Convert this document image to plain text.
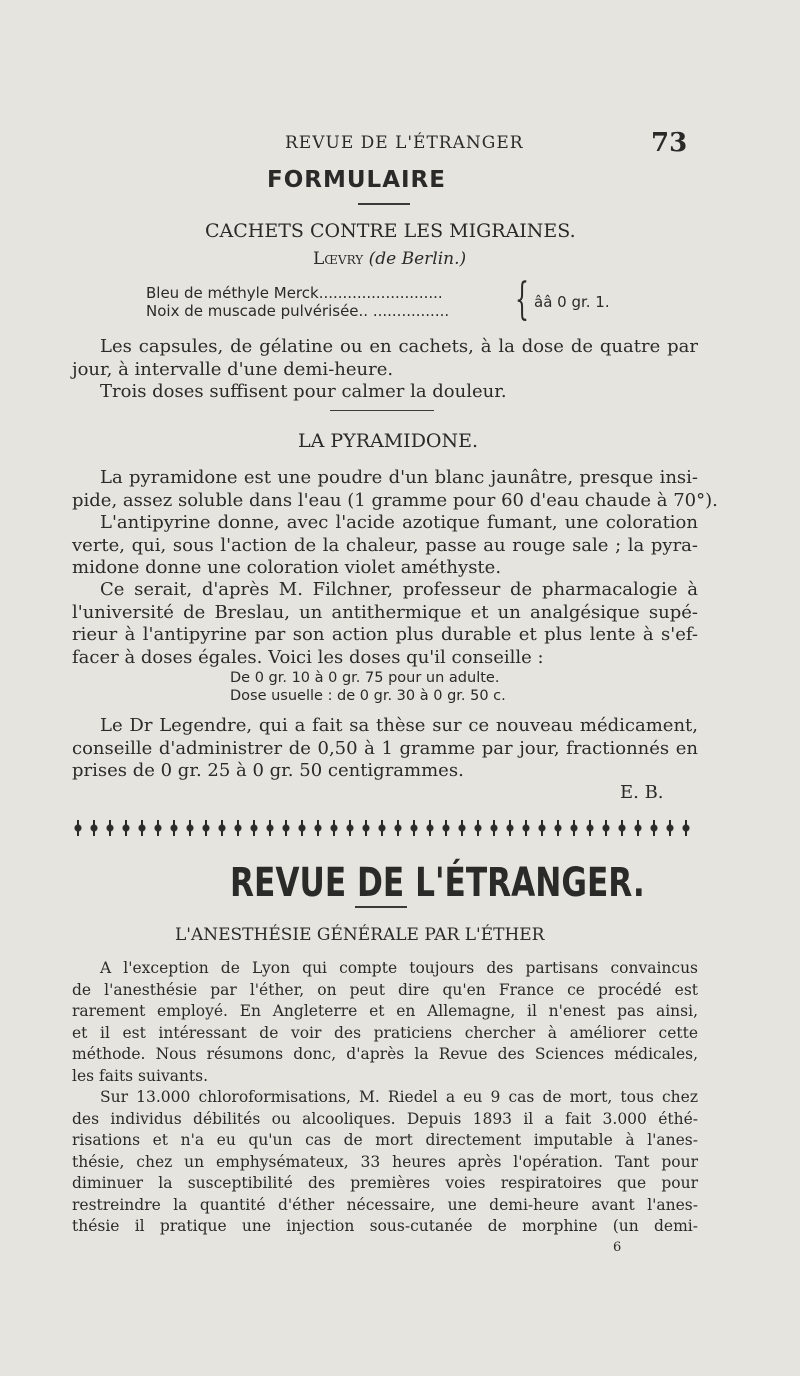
REVUE DE L'ÉTRANGER	73
FORMULAIRE
CACHETS CONTRE LES MIGRAINES.
Lœvry (de Berlin.)
Bleu de méthyle Merck..........................
Noix de muscade pulvérisée.. ................ { ââ 0 gr. 1.
Les capsules, de gélatine ou en cachets, à la dose de quatre par
jour, à intervalle d'une demi-heure.
Trois doses suffisent pour calmer la douleur.
LA PYRAMIDONE.
La pyramidone est une poudre d'un blanc jaunâtre, presque insi-
pide, assez soluble dans l'eau (1 gramme pour 60 d'eau chaude à 70°).
L'antipyrine donne, avec l'acide azotique fumant, une coloration
verte, qui, sous l'action de la chaleur, passe au rouge sale ; la pyra-
midone donne une coloration violet améthyste.
Ce serait, d'après M. Filchner, professeur de pharmacalogie à
l'université de Breslau, un antithermique et un analgésique supé-
rieur à l'antipyrine par son action plus durable et plus lente à s'ef-
facer à doses égales. Voici les doses qu'il conseille :
De 0 gr. 10 à 0 gr. 75 pour un adulte.
Dose usuelle : de 0 gr. 30 à 0 gr. 50 c.
Le Dr Legendre, qui a fait sa thèse sur ce nouveau médicament,
conseille d'administrer de 0,50 à 1 gramme par jour, fractionnés en
prises de 0 gr. 25 à 0 gr. 50 centigrammes.
E. B.
REVUE DE L'ÉTRANGER.
L'ANESTHÉSIE GÉNÉRALE PAR L'ÉTHER
A l'exception de Lyon qui compte toujours des partisans convaincus
de l'anesthésie par l'éther, on peut dire qu'en France ce procédé est
rarement employé. En Angleterre et en Allemagne, il n'enest pas ainsi,
et il est intéressant de voir des praticiens chercher à améliorer cette
méthode. Nous résumons donc, d'après la Revue des Sciences médicales,
les faits suivants.
Sur 13.000 chloroformisations, M. Riedel a eu 9 cas de mort, tous chez
des individus débilités ou alcooliques. Depuis 1893 il a fait 3.000 éthé-
risations et n'a eu qu'un cas de mort directement imputable à l'anes-
thésie, chez un emphysémateux, 33 heures après l'opération. Tant pour
diminuer la susceptibilité des premières voies respiratoires que pour
restreindre la quantité d'éther nécessaire, une demi-heure avant l'anes-
thésie il pratique une injection sous-cutanée de morphine (un demi-
6
